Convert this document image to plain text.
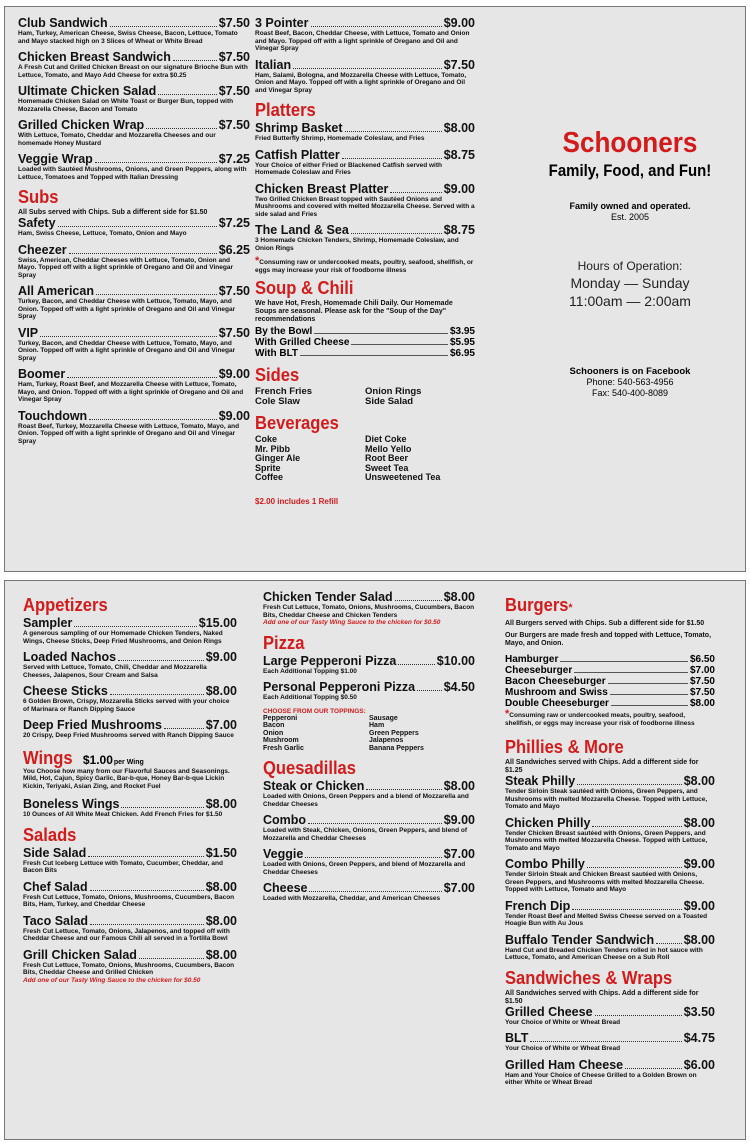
Club Sandwich	$7.50
Ham, Turkey, American Cheese, Swiss Cheese, Bacon, Lettuce, Tomato and Mayo stacked high on 3 Slices of Wheat or White Bread
Chicken Breast Sandwich	$7.50
A Fresh Cut and Grilled Chicken Breast on our signature Brioche Bun with Lettuce, Tomato, and Mayo Add Cheese for extra $0.25
Ultimate Chicken Salad	$7.50
Homemade Chicken Salad on White Toast or Burger Bun, topped with Mozzarella Cheese, Bacon and Tomato
Grilled Chicken Wrap	$7.50
With Lettuce, Tomato, Cheddar and Mozzarella Cheeses and our homemade Honey Mustard
Veggie Wrap	$7.25
Loaded with Sautéed Mushrooms, Onions, and Green Peppers, along with Lettuce, Tomatoes and Topped with Italian Dressing
Subs
All Subs served with Chips. Sub a different side for $1.50
Safety	$7.25
Ham, Swiss Cheese, Lettuce, Tomato, Onion and Mayo
Cheezer	$6.25
Swiss, American, Cheddar Cheeses with Lettuce, Tomato, Onion and Mayo. Topped off with a light sprinkle of Oregano and Oil and Vinegar Spray
All American	$7.50
Turkey, Bacon, and Cheddar Cheese with Lettuce, Tomato, Mayo, and Onion. Topped off with a light sprinkle of Oregano and Oil and Vinegar Spray
VIP	$7.50
Turkey, Bacon, and Cheddar Cheese with Lettuce, Tomato, Mayo, and Onion. Topped off with a light sprinkle of Oregano and Oil and Vinegar Spray
Boomer	$9.00
Ham, Turkey, Roast Beef, and Mozzarella Cheese with Lettuce, Tomato, Mayo, and Onion. Topped off with a light sprinkle of Oregano and Oil and Vinegar Spray
Touchdown	$9.00
Roast Beef, Turkey, Mozzarella Cheese with Lettuce, Tomato, Mayo, and Onion. Topped off with a light sprinkle of Oregano and Oil and Vinegar Spray
3 Pointer	$9.00
Roast Beef, Bacon, Cheddar Cheese, with Lettuce, Tomato and Onion and Mayo. Topped off with a light sprinkle of Oregano and Oil and Vinegar Spray
Italian	$7.50
Ham, Salami, Bologna, and Mozzarella Cheese with Lettuce, Tomato, Onion and Mayo. Topped off with a light sprinkle of Oregano and Oil and Vinegar Spray
Platters
Shrimp Basket	$8.00
Fried Butterfly Shrimp, Homemade Coleslaw, and Fries
Catfish Platter	$8.75
Your Choice of either Fried or Blackened Catfish served with Homemade Coleslaw and Fries
Chicken Breast Platter	$9.00
Two Grilled Chicken Breast topped with Sautéed Onions and Mushrooms and covered with melted Mozzarella Cheese. Served with a side salad and Fries
The Land & Sea	$8.75
3 Homemade Chicken Tenders, Shrimp, Homemade Coleslaw, and Onion Rings
*Consuming raw or undercooked meats, poultry, seafood, shellfish, or eggs may increase your risk of foodborne illness
Soup & Chili
We have Hot, Fresh, Homemade Chili Daily. Our Homemade Soups are seasonal. Please ask for the "Soup of the Day" recommendations
By the Bowl	$3.95
With Grilled Cheese	$5.95
With BLT	$6.95
Sides
French Fries	Onion Rings
Cole Slaw	Side Salad
Beverages
Coke	Diet Coke
Mr. Pibb	Mello Yello
Ginger Ale	Root Beer
Sprite	Sweet Tea
Coffee	Unsweetened Tea
$2.00 includes 1 Refill
Schooners
Family, Food, and Fun!
Family owned and operated.
Est. 2005
Hours of Operation:
Monday — Sunday
11:00am — 2:00am
Schooners is on Facebook
Phone: 540-563-4956
Fax: 540-400-8089
Appetizers
Sampler	$15.00
A generous sampling of our Homemade Chicken Tenders, Naked Wings, Cheese Sticks, Deep Fried Mushrooms, and Onion Rings
Loaded Nachos	$9.00
Served with Lettuce, Tomato, Chili, Cheddar and Mozzarella Cheeses, Jalapenos, Sour Cream and Salsa
Cheese Sticks	$8.00
6 Golden Brown, Crispy, Mozzarella Sticks served with your choice of Marinara or Ranch Dipping Sauce
Deep Fried Mushrooms	$7.00
20 Crispy, Deep Fried Mushrooms served with Ranch Dipping Sauce
Wings $1.00 per Wing
You Choose how many from our Flavorful Sauces and Seasonings. Mild, Hot, Cajun, Spicy Garlic, Bar-b-que, Honey Bar-b-que Lickin Kickin, Teriyaki, Asian Zing, and Rocket Fuel
Boneless Wings	$8.00
10 Ounces of All White Meat Chicken. Add French Fries for $1.50
Salads
Side Salad	$1.50
Fresh Cut Iceberg Lettuce with Tomato, Cucumber, Cheddar, and Bacon Bits
Chef Salad	$8.00
Fresh Cut Lettuce, Tomato, Onions, Mushrooms, Cucumbers, Bacon Bits, Ham, Turkey, and Cheddar Cheese
Taco Salad	$8.00
Fresh Cut Lettuce, Tomato, Onions, Jalapenos, and topped off with Cheddar Cheese and our Famous Chili all served in a Tortilla Bowl
Grill Chicken Salad	$8.00
Fresh Cut Lettuce, Tomato, Onions, Mushrooms, Cucumbers, Bacon Bits, Cheddar Cheese and Grilled Chicken
Add one of our Tasty Wing Sauce to the chicken for $0.50
Chicken Tender Salad	$8.00
Fresh Cut Lettuce, Tomato, Onions, Mushrooms, Cucumbers, Bacon Bits, Cheddar Cheese and Chicken Tenders
Add one of our Tasty Wing Sauce to the chicken for $0.50
Pizza
Large Pepperoni Pizza	$10.00
Each Additional Topping $1.00
Personal Pepperoni Pizza $4.50
Each Additional Topping $0.50
CHOOSE FROM OUR TOPPINGS:
Pepperoni	Sausage
Bacon	Ham
Onion	Green Peppers
Mushroom	Jalapenos
Fresh Garlic	Banana Peppers
Quesadillas
Steak or Chicken	$8.00
Loaded with Onions, Green Peppers and a blend of Mozzarella and Cheddar Cheeses
Combo	$9.00
Loaded with Steak, Chicken, Onions, Green Peppers, and blend of Mozzarella and Cheddar Cheeses
Veggie	$7.00
Loaded with Onions, Green Peppers, and blend of Mozzarella and Cheddar Cheeses
Cheese	$7.00
Loaded with Mozzarella, Cheddar, and American Cheeses
Burgers*
All Burgers served with Chips. Sub a different side for $1.50
Our Burgers are made fresh and topped with Lettuce, Tomato, Mayo, and Onion.
Hamburger	$6.50
Cheeseburger	$7.00
Bacon Cheeseburger	$7.50
Mushroom and Swiss	$7.50
Double Cheeseburger	$8.00
*Consuming raw or undercooked meats, poultry, seafood, shellfish, or eggs may increase your risk of foodborne illness
Phillies & More
All Sandwiches served with Chips. Add a different side for $1.25
Steak Philly	$8.00
Tender Sirloin Steak sautéed with Onions, Green Peppers, and Mushrooms with melted Mozzarella Cheese. Topped with Lettuce, Tomato and Mayo
Chicken Philly	$8.00
Tender Chicken Breast sautéed with Onions, Green Peppers, and Mushrooms with melted Mozzarella Cheese. Topped with Lettuce, Tomato and Mayo
Combo Philly	$9.00
Tender Sirloin Steak and Chicken Breast sautéed with Onions, Green Peppers, and Mushrooms with melted Mozzarella Cheese. Topped with Lettuce, Tomato and Mayo
French Dip	$9.00
Tender Roast Beef and Melted Swiss Cheese served on a Toasted Hoagie Bun with Au Jous
Buffalo Tender Sandwich $8.00
Hand Cut and Breaded Chicken Tenders rolled in hot sauce with Lettuce, Tomato, and American Cheese on a Sub Roll
Sandwiches & Wraps
All Sandwiches served with Chips. Add a different side for $1.50
Grilled Cheese	$3.50
Your Choice of White or Wheat Bread
BLT	$4.75
Your Choice of White or Wheat Bread
Grilled Ham Cheese	$6.00
Ham and Your Choice of Cheese Grilled to a Golden Brown on either White or Wheat Bread
